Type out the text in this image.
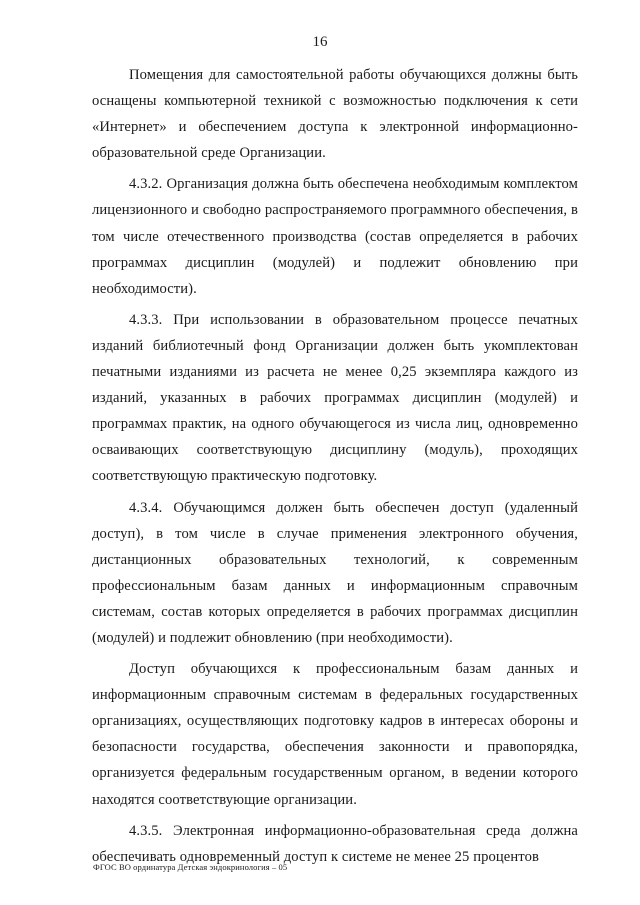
16

Помещения для самостоятельной работы обучающихся должны быть оснащены компьютерной техникой с возможностью подключения к сети «Интернет» и обеспечением доступа к электронной информационно-образовательной среде Организации.

4.3.2. Организация должна быть обеспечена необходимым комплектом лицензионного и свободно распространяемого программного обеспечения, в том числе отечественного производства (состав определяется в рабочих программах дисциплин (модулей) и подлежит обновлению при необходимости).

4.3.3. При использовании в образовательном процессе печатных изданий библиотечный фонд Организации должен быть укомплектован печатными изданиями из расчета не менее 0,25 экземпляра каждого из изданий, указанных в рабочих программах дисциплин (модулей) и программах практик, на одного обучающегося из числа лиц, одновременно осваивающих соответствующую дисциплину (модуль), проходящих соответствующую практическую подготовку.

4.3.4. Обучающимся должен быть обеспечен доступ (удаленный доступ), в том числе в случае применения электронного обучения, дистанционных образовательных технологий, к современным профессиональным базам данных и информационным справочным системам, состав которых определяется в рабочих программах дисциплин (модулей) и подлежит обновлению (при необходимости).

Доступ обучающихся к профессиональным базам данных и информационным справочным системам в федеральных государственных организациях, осуществляющих подготовку кадров в интересах обороны и безопасности государства, обеспечения законности и правопорядка, организуется федеральным государственным органом, в ведении которого находятся соответствующие организации.

4.3.5. Электронная информационно-образовательная среда должна обеспечивать одновременный доступ к системе не менее 25 процентов

ФГОС ВО ординатура Детская эндокринология – 05
